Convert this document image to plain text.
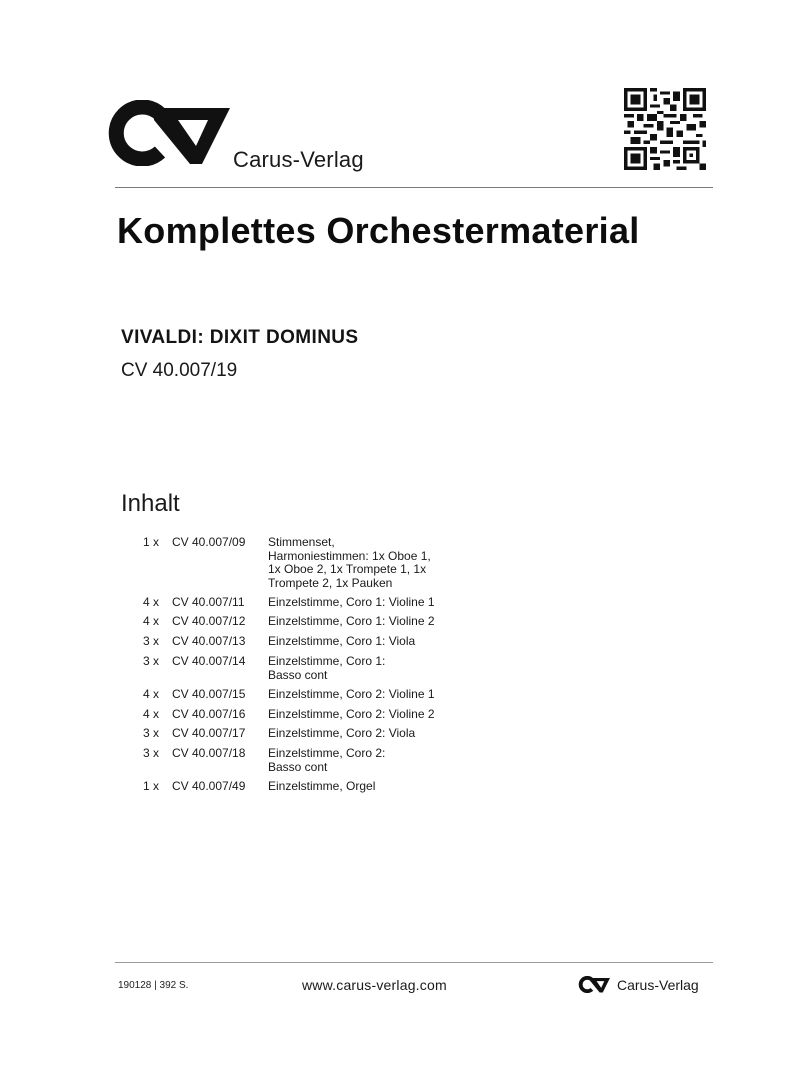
Carus-Verlag
Komplettes Orchestermaterial
VIVALDI: DIXIT DOMINUS
CV 40.007/19
Inhalt
1 x CV 40.007/09 Stimmenset, Harmoniestimmen: 1x Oboe 1, 1x Oboe 2, 1x Trompete 1, 1x Trompete 2, 1x Pauken
4 x CV 40.007/11 Einzelstimme, Coro 1: Violine 1
4 x CV 40.007/12 Einzelstimme, Coro 1: Violine 2
3 x CV 40.007/13 Einzelstimme, Coro 1: Viola
3 x CV 40.007/14 Einzelstimme, Coro 1: Basso cont
4 x CV 40.007/15 Einzelstimme, Coro 2: Violine 1
4 x CV 40.007/16 Einzelstimme, Coro 2: Violine 2
3 x CV 40.007/17 Einzelstimme, Coro 2: Viola
3 x CV 40.007/18 Einzelstimme, Coro 2: Basso cont
1 x CV 40.007/49 Einzelstimme, Orgel
190128 | 392 S.	www.carus-verlag.com	Carus-Verlag
